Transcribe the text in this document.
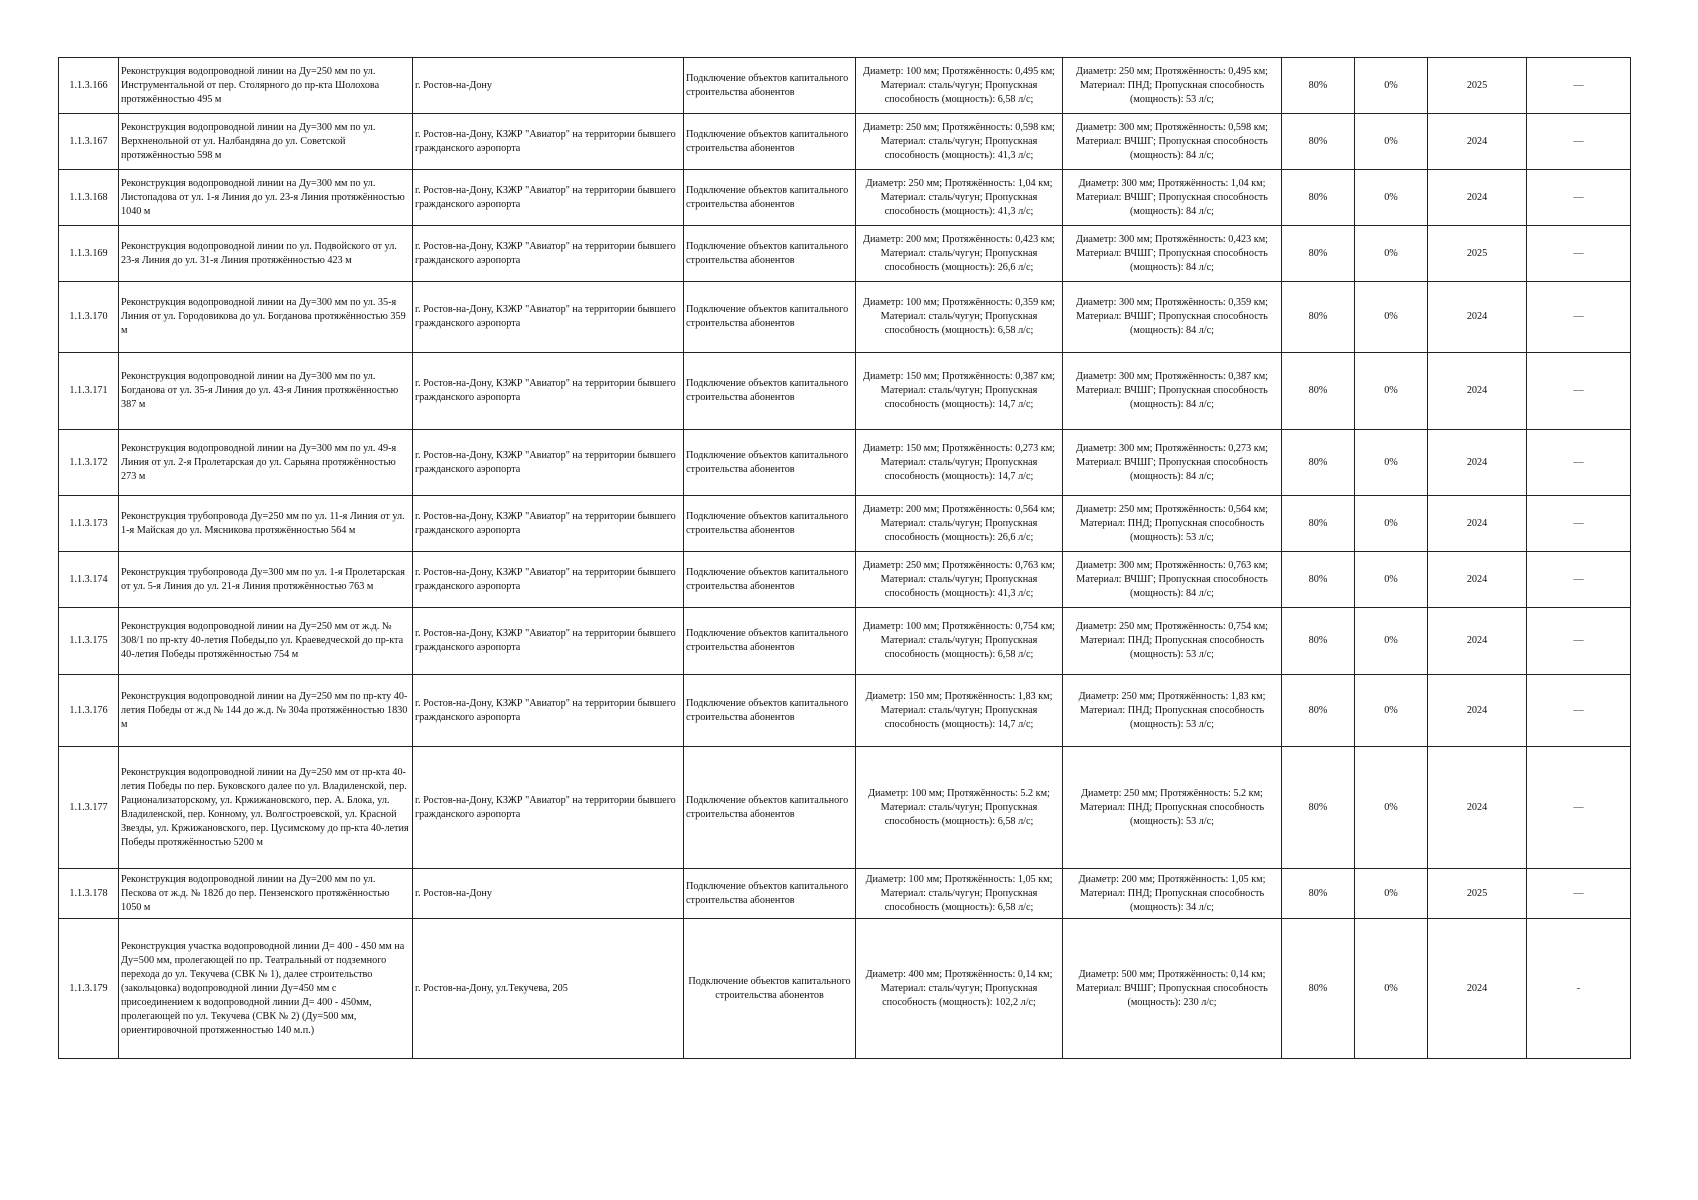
1.1.3.166	Реконструкция водопроводной линии на Ду=250 мм по ул. Инструментальной от пер. Столярного до пр-кта Шолохова протяжённостью 495 м	г. Ростов-на-Дону	Подключение объектов капитального строительства абонентов	Диаметр: 100 мм; Протяжённость: 0,495 км; Материал: сталь/чугун; Пропускная способность (мощность): 6,58 л/с;	Диаметр: 250 мм; Протяжённость: 0,495 км; Материал: ПНД; Пропускная способность (мощность): 53 л/с;	80%	0%	2025	—
1.1.3.167	Реконструкция водопроводной линии на Ду=300 мм по ул. Верхненольной от ул. Налбандяна до ул. Советской протяжённостью 598 м	г. Ростов-на-Дону, КЗЖР "Авиатор" на территории бывшего гражданского аэропорта	Подключение объектов капитального строительства абонентов	Диаметр: 250 мм; Протяжённость: 0,598 км; Материал: сталь/чугун; Пропускная способность (мощность): 41,3 л/с;	Диаметр: 300 мм; Протяжённость: 0,598 км; Материал: ВЧШГ; Пропускная способность (мощность): 84 л/с;	80%	0%	2024	—
1.1.3.168	Реконструкция водопроводной линии на Ду=300 мм по ул. Листопадова от ул. 1-я Линия до ул. 23-я Линия протяжённостью 1040 м	г. Ростов-на-Дону, КЗЖР "Авиатор" на территории бывшего гражданского аэропорта	Подключение объектов капитального строительства абонентов	Диаметр: 250 мм; Протяжённость: 1,04 км; Материал: сталь/чугун; Пропускная способность (мощность): 41,3 л/с;	Диаметр: 300 мм; Протяжённость: 1,04 км; Материал: ВЧШГ; Пропускная способность (мощность): 84 л/с;	80%	0%	2024	—
1.1.3.169	Реконструкция водопроводной линии по ул. Подвойского от ул. 23-я Линия до ул. 31-я Линия протяжённостью 423 м	г. Ростов-на-Дону, КЗЖР "Авиатор" на территории бывшего гражданского аэропорта	Подключение объектов капитального строительства абонентов	Диаметр: 200 мм; Протяжённость: 0,423 км; Материал: сталь/чугун; Пропускная способность (мощность): 26,6 л/с;	Диаметр: 300 мм; Протяжённость: 0,423 км; Материал: ВЧШГ; Пропускная способность (мощность): 84 л/с;	80%	0%	2025	—
1.1.3.170	Реконструкция водопроводной линии на Ду=300 мм по ул. 35-я Линия от ул. Городовикова до ул. Богданова протяжённостью 359 м	г. Ростов-на-Дону, КЗЖР "Авиатор" на территории бывшего гражданского аэропорта	Подключение объектов капитального строительства абонентов	Диаметр: 100 мм; Протяжённость: 0,359 км; Материал: сталь/чугун; Пропускная способность (мощность): 6,58 л/с;	Диаметр: 300 мм; Протяжённость: 0,359 км; Материал: ВЧШГ; Пропускная способность (мощность): 84 л/с;	80%	0%	2024	—
1.1.3.171	Реконструкция водопроводной линии на Ду=300 мм по ул. Богданова от ул. 35-я Линия до ул. 43-я Линия протяжённостью 387 м	г. Ростов-на-Дону, КЗЖР "Авиатор" на территории бывшего гражданского аэропорта	Подключение объектов капитального строительства абонентов	Диаметр: 150 мм; Протяжённость: 0,387 км; Материал: сталь/чугун; Пропускная способность (мощность): 14,7 л/с;	Диаметр: 300 мм; Протяжённость: 0,387 км; Материал: ВЧШГ; Пропускная способность (мощность): 84 л/с;	80%	0%	2024	—
1.1.3.172	Реконструкция водопроводной линии на Ду=300 мм по ул. 49-я Линия от ул. 2-я Пролетарская до ул. Сарьяна протяжённостью 273 м	г. Ростов-на-Дону, КЗЖР "Авиатор" на территории бывшего гражданского аэропорта	Подключение объектов капитального строительства абонентов	Диаметр: 150 мм; Протяжённость: 0,273 км; Материал: сталь/чугун; Пропускная способность (мощность): 14,7 л/с;	Диаметр: 300 мм; Протяжённость: 0,273 км; Материал: ВЧШГ; Пропускная способность (мощность): 84 л/с;	80%	0%	2024	—
1.1.3.173	Реконструкция трубопровода Ду=250 мм по ул. 11-я Линия от ул. 1-я Майская до ул. Мясникова протяжённостью 564 м	г. Ростов-на-Дону, КЗЖР "Авиатор" на территории бывшего гражданского аэропорта	Подключение объектов капитального строительства абонентов	Диаметр: 200 мм; Протяжённость: 0,564 км; Материал: сталь/чугун; Пропускная способность (мощность): 26,6 л/с;	Диаметр: 250 мм; Протяжённость: 0,564 км; Материал: ПНД; Пропускная способность (мощность): 53 л/с;	80%	0%	2024	—
1.1.3.174	Реконструкция трубопровода Ду=300 мм по ул. 1-я Пролетарская от ул. 5-я Линия до ул. 21-я Линия протяжённостью 763 м	г. Ростов-на-Дону, КЗЖР "Авиатор" на территории бывшего гражданского аэропорта	Подключение объектов капитального строительства абонентов	Диаметр: 250 мм; Протяжённость: 0,763 км; Материал: сталь/чугун; Пропускная способность (мощность): 41,3 л/с;	Диаметр: 300 мм; Протяжённость: 0,763 км; Материал: ВЧШГ; Пропускная способность (мощность): 84 л/с;	80%	0%	2024	—
1.1.3.175	Реконструкция водопроводной линии на Ду=250 мм от ж.д. № 308/1 по пр-кту 40-летия Победы,по ул. Краеведческой до пр-кта 40-летия Победы протяжённостью 754 м	г. Ростов-на-Дону, КЗЖР "Авиатор" на территории бывшего гражданского аэропорта	Подключение объектов капитального строительства абонентов	Диаметр: 100 мм; Протяжённость: 0,754 км; Материал: сталь/чугун; Пропускная способность (мощность): 6,58 л/с;	Диаметр: 250 мм; Протяжённость: 0,754 км; Материал: ПНД; Пропускная способность (мощность): 53 л/с;	80%	0%	2024	—
1.1.3.176	Реконструкция водопроводной линии на Ду=250 мм по пр-кту 40-летия Победы от ж.д № 144 до ж.д. № 304а протяжённостью 1830 м	г. Ростов-на-Дону, КЗЖР "Авиатор" на территории бывшего гражданского аэропорта	Подключение объектов капитального строительства абонентов	Диаметр: 150 мм; Протяжённость: 1,83 км; Материал: сталь/чугун; Пропускная способность (мощность): 14,7 л/с;	Диаметр: 250 мм; Протяжённость: 1,83 км; Материал: ПНД; Пропускная способность (мощность): 53 л/с;	80%	0%	2024	—
1.1.3.177	Реконструкция водопроводной линии на Ду=250 мм от пр-кта 40-летия Победы по пер. Буковского далее по ул. Владиленской, пер. Рационализаторскому, ул. Кржижановского, пер. А. Блока, ул. Владиленской, пер. Конному, ул. Волгостроевской, ул. Красной Звезды, ул. Кржижановского, пер. Цусимскому до пр-кта 40-летия Победы протяжённостью 5200 м	г. Ростов-на-Дону, КЗЖР "Авиатор" на территории бывшего гражданского аэропорта	Подключение объектов капитального строительства абонентов	Диаметр: 100 мм; Протяжённость: 5.2 км; Материал: сталь/чугун; Пропускная способность (мощность): 6,58 л/с;	Диаметр: 250 мм; Протяжённость: 5.2 км; Материал: ПНД; Пропускная способность (мощность): 53 л/с;	80%	0%	2024	—
1.1.3.178	Реконструкция водопроводной линии на Ду=200 мм по ул. Пескова от ж.д. № 182б до пер. Пензенского протяжённостью 1050 м	г. Ростов-на-Дону	Подключение объектов капитального строительства абонентов	Диаметр: 100 мм; Протяжённость: 1,05 км; Материал: сталь/чугун; Пропускная способность (мощность): 6,58 л/с;	Диаметр: 200 мм; Протяжённость: 1,05 км; Материал: ПНД; Пропускная способность (мощность): 34 л/с;	80%	0%	2025	—
1.1.3.179	Реконструкция участка водопроводной линии Д= 400 - 450 мм на Ду=500 мм, пролегающей по пр. Театральный от подземного перехода до ул. Текучева (СВК № 1), далее строительство (закольцовка) водопроводной линии Ду=450 мм с присоединением к водопроводной линии Д= 400 - 450мм, пролегающей по ул. Текучева (СВК № 2) (Ду=500 мм, ориентировочной протяженностью 140 м.п.)	г. Ростов-на-Дону, ул.Текучева, 205	Подключение объектов капитального строительства абонентов	Диаметр: 400 мм; Протяжённость: 0,14 км; Материал: сталь/чугун; Пропускная способность (мощность): 102,2 л/с;	Диаметр: 500 мм; Протяжённость: 0,14 км; Материал: ВЧШГ; Пропускная способность (мощность): 230 л/с;	80%	0%	2024	-
